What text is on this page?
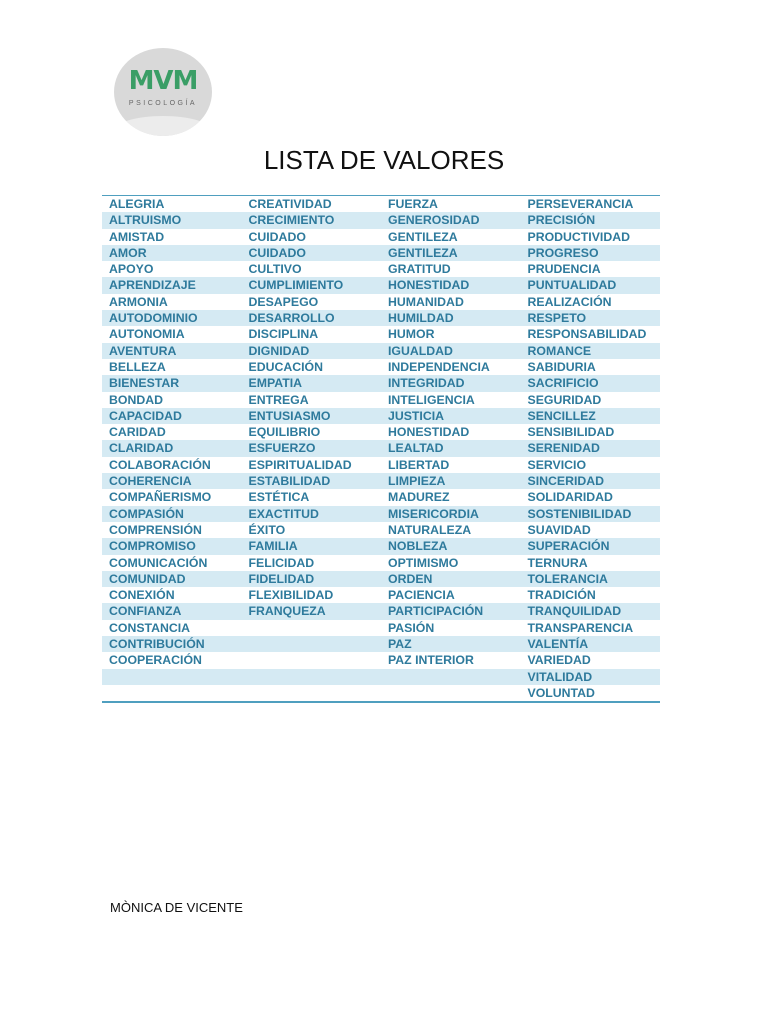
MVM
PSICOLOGÍA
LISTA DE VALORES
ALEGRIA	CREATIVIDAD	FUERZA	PERSEVERANCIA
ALTRUISMO	CRECIMIENTO	GENEROSIDAD	PRECISIÓN
AMISTAD	CUIDADO	GENTILEZA	PRODUCTIVIDAD
AMOR	CUIDADO	GENTILEZA	PROGRESO
APOYO	CULTIVO	GRATITUD	PRUDENCIA
APRENDIZAJE	CUMPLIMIENTO	HONESTIDAD	PUNTUALIDAD
ARMONIA	DESAPEGO	HUMANIDAD	REALIZACIÓN
AUTODOMINIO	DESARROLLO	HUMILDAD	RESPETO
AUTONOMIA	DISCIPLINA	HUMOR	RESPONSABILIDAD
AVENTURA	DIGNIDAD	IGUALDAD	ROMANCE
BELLEZA	EDUCACIÓN	INDEPENDENCIA	SABIDURIA
BIENESTAR	EMPATIA	INTEGRIDAD	SACRIFICIO
BONDAD	ENTREGA	INTELIGENCIA	SEGURIDAD
CAPACIDAD	ENTUSIASMO	JUSTICIA	SENCILLEZ
CARIDAD	EQUILIBRIO	HONESTIDAD	SENSIBILIDAD
CLARIDAD	ESFUERZO	LEALTAD	SERENIDAD
COLABORACIÓN	ESPIRITUALIDAD	LIBERTAD	SERVICIO
COHERENCIA	ESTABILIDAD	LIMPIEZA	SINCERIDAD
COMPAÑERISMO	ESTÉTICA	MADUREZ	SOLIDARIDAD
COMPASIÓN	EXACTITUD	MISERICORDIA	SOSTENIBILIDAD
COMPRENSIÓN	ÉXITO	NATURALEZA	SUAVIDAD
COMPROMISO	FAMILIA	NOBLEZA	SUPERACIÓN
COMUNICACIÓN	FELICIDAD	OPTIMISMO	TERNURA
COMUNIDAD	FIDELIDAD	ORDEN	TOLERANCIA
CONEXIÓN	FLEXIBILIDAD	PACIENCIA	TRADICIÓN
CONFIANZA	FRANQUEZA	PARTICIPACIÓN	TRANQUILIDAD
CONSTANCIA		PASIÓN	TRANSPARENCIA
CONTRIBUCIÓN		PAZ	VALENTÍA
COOPERACIÓN		PAZ INTERIOR	VARIEDAD
			VITALIDAD
			VOLUNTAD
MÒNICA DE VICENTE
